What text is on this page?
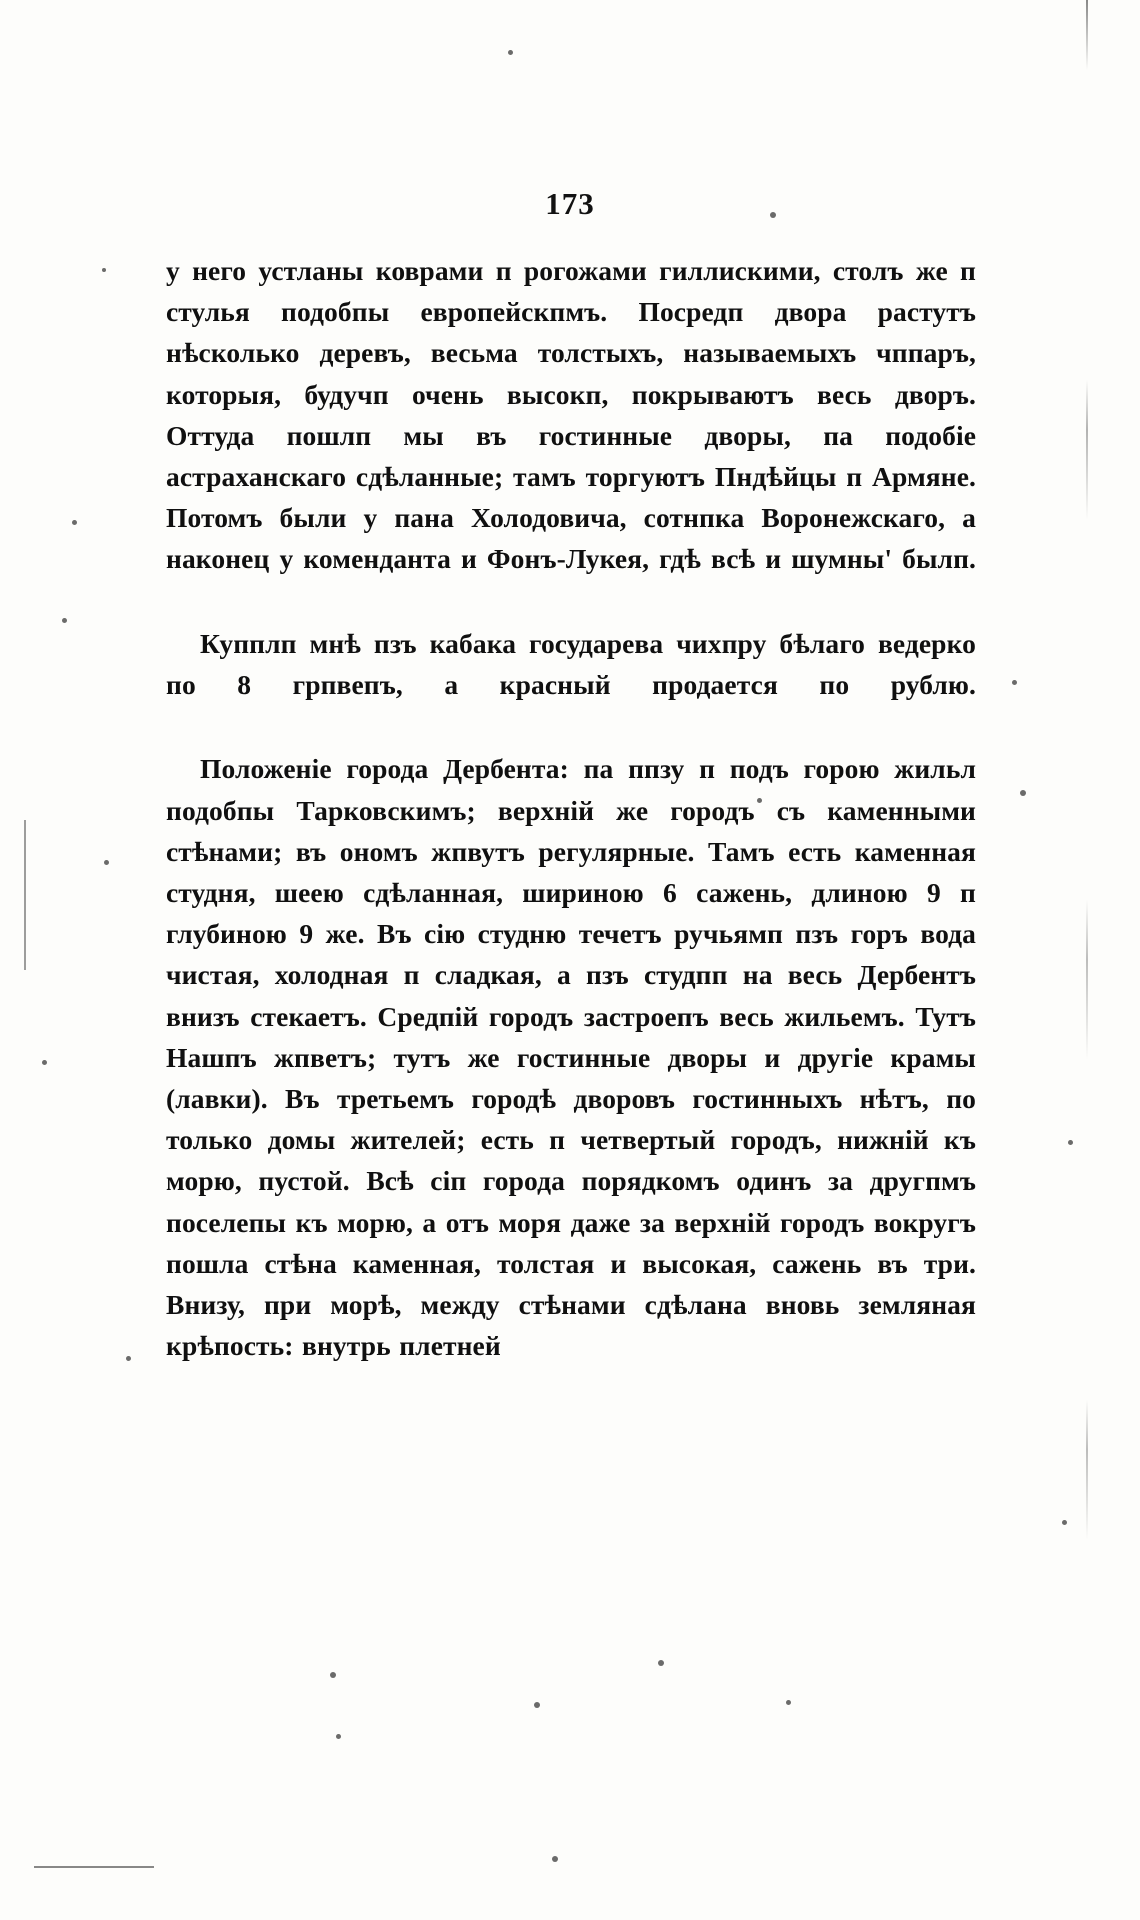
173

у него устланы коврами п рогожами гиллискими, столъ же п стулья подобпы европейскпмъ. Посредп двора растутъ нѣсколько деревъ, весьма толстыхъ, называемыхъ чппаръ, которыя, будучп очень высокп, покрываютъ весь дворъ. Оттуда пошлп мы въ гостинные дворы, па подобіе астраханскаго сдѣланные; тамъ торгуютъ Пндѣйцы п Армяне. Потомъ были у пана Холодовича, сотнпка Воронежскаго, а наконец у коменданта и Фонъ-Лукея, гдѣ всѣ и шумны' былп.

Купплп мнѣ пзъ кабака государева чихпру бѣлаго ведерко по 8 грпвепъ, а красный продается по рублю.

Положеніе города Дербента: па ппзу п подъ горою жильл подобпы Тарковскимъ; верхній же городъ съ каменными стѣнами; въ ономъ жпвутъ регулярные. Тамъ есть каменная студня, шеею сдѣланная, шириною 6 сажень, длиною 9 п глубиною 9 же. Въ сію студню течетъ ручьямп пзъ горъ вода чистая, холодная п сладкая, а пзъ студпп на весь Дербентъ внизъ стекаетъ. Средпій городъ застроепъ весь жильемъ. Тутъ Нашпъ жпветъ; тутъ же гостинные дворы и другіе крамы (лавки). Въ третьемъ городѣ дворовъ гостинныхъ нѣтъ, по только домы жителей; есть п четвертый городъ, нижній къ морю, пустой. Всѣ сіп города порядкомъ одинъ за другпмъ поселепы къ морю, а отъ моря даже за верхній городъ вокругъ пошла стѣна каменная, толстая и высокая, сажень въ три. Внизу, при морѣ, между стѣнами сдѣлана вновь земляная крѣпость: внутрь плетней
